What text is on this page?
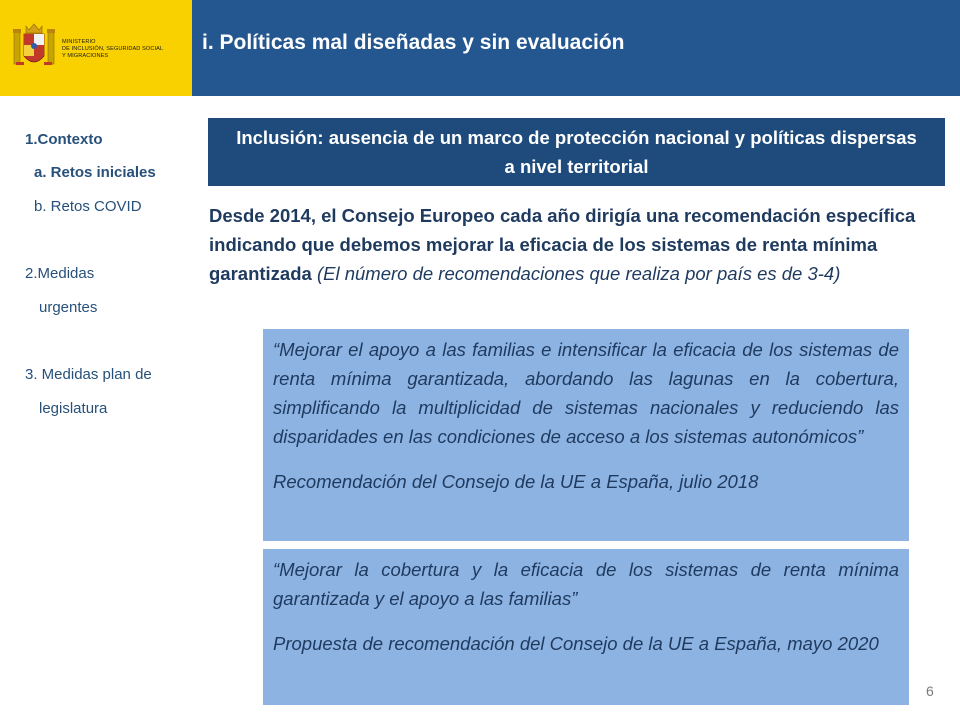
MINISTERIO
DE INCLUSIÓN, SEGURIDAD SOCIAL
Y MIGRACIONES
i. Políticas mal diseñadas y sin evaluación
1.Contexto
a. Retos iniciales
b. Retos COVID
2.Medidas
urgentes
3. Medidas plan de
legislatura
Inclusión: ausencia de un marco de protección nacional y políticas dispersas a nivel territorial
Desde 2014, el Consejo Europeo cada año dirigía una recomendación específica indicando que debemos mejorar la eficacia de los sistemas de renta mínima garantizada (El número de recomendaciones que realiza por país es de 3-4)
“Mejorar el apoyo a las familias e intensificar la eficacia de los sistemas de renta mínima garantizada, abordando las lagunas en la cobertura, simplificando la multiplicidad de sistemas nacionales y reduciendo las disparidades en las condiciones de acceso a los sistemas autonómicos”
Recomendación del Consejo de la UE a España, julio 2018
“Mejorar la cobertura y la eficacia de los sistemas de renta mínima garantizada y el apoyo a las familias”
Propuesta de recomendación del Consejo de la UE a España, mayo 2020
6
